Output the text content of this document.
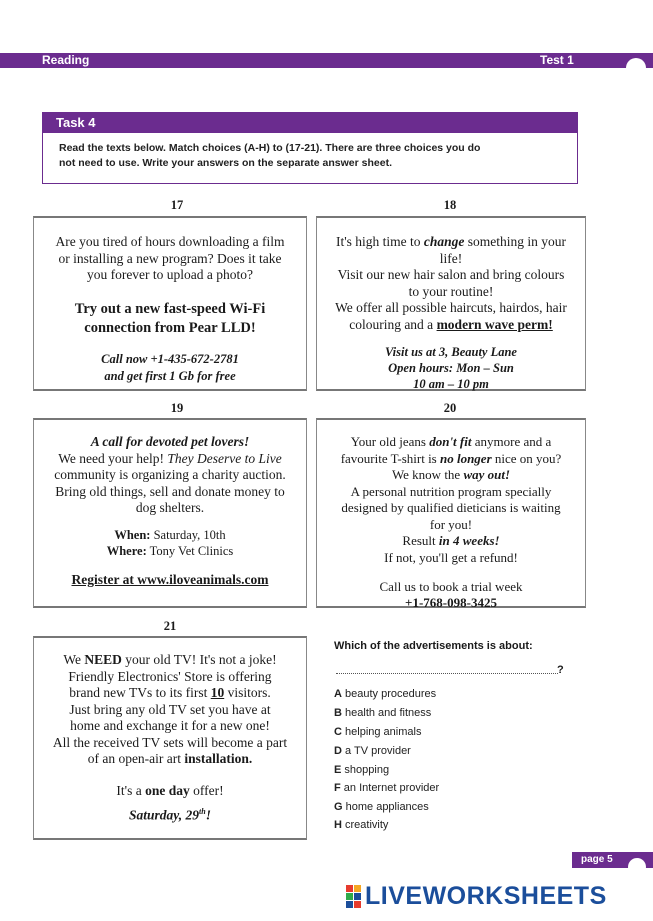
Reading	Test 1
Task 4
Read the texts below. Match choices (A-H) to (17-21). There are three choices you do
not need to use. Write your answers on the separate answer sheet.
17
Are you tired of hours downloading a film
or installing a new program? Does it take
you forever to upload a photo?
Try out a new fast-speed Wi-Fi
connection from Pear LLD!
Call now +1-435-672-2781
and get first 1 Gb for free
18
It's high time to change something in your
life!
Visit our new hair salon and bring colours
to your routine!
We offer all possible haircuts, hairdos, hair
colouring and a modern wave perm!
Visit us at 3, Beauty Lane
Open hours: Mon – Sun
10 am – 10 pm
19
A call for devoted pet lovers!
We need your help! They Deserve to Live
community is organizing a charity auction.
Bring old things, sell and donate money to
dog shelters.
When: Saturday, 10th
Where: Tony Vet Clinics
Register at www.iloveanimals.com
20
Your old jeans don't fit anymore and a
favourite T-shirt is no longer nice on you?
We know the way out!
A personal nutrition program specially
designed by qualified dieticians is waiting
for you!
Result in 4 weeks!
If not, you'll get a refund!
Call us to book a trial week
+1-768-098-3425
21
We NEED your old TV! It's not a joke!
Friendly Electronics' Store is offering
brand new TVs to its first 10 visitors.
Just bring any old TV set you have at
home and exchange it for a new one!
All the received TV sets will become a part
of an open-air art installation.
It's a one day offer!
Saturday, 29th!
Which of the advertisements is about:
?
A beauty procedures
B health and fitness
C helping animals
D a TV provider
E shopping
F an Internet provider
G home appliances
H creativity
page 5
LIVEWORKSHEETS
